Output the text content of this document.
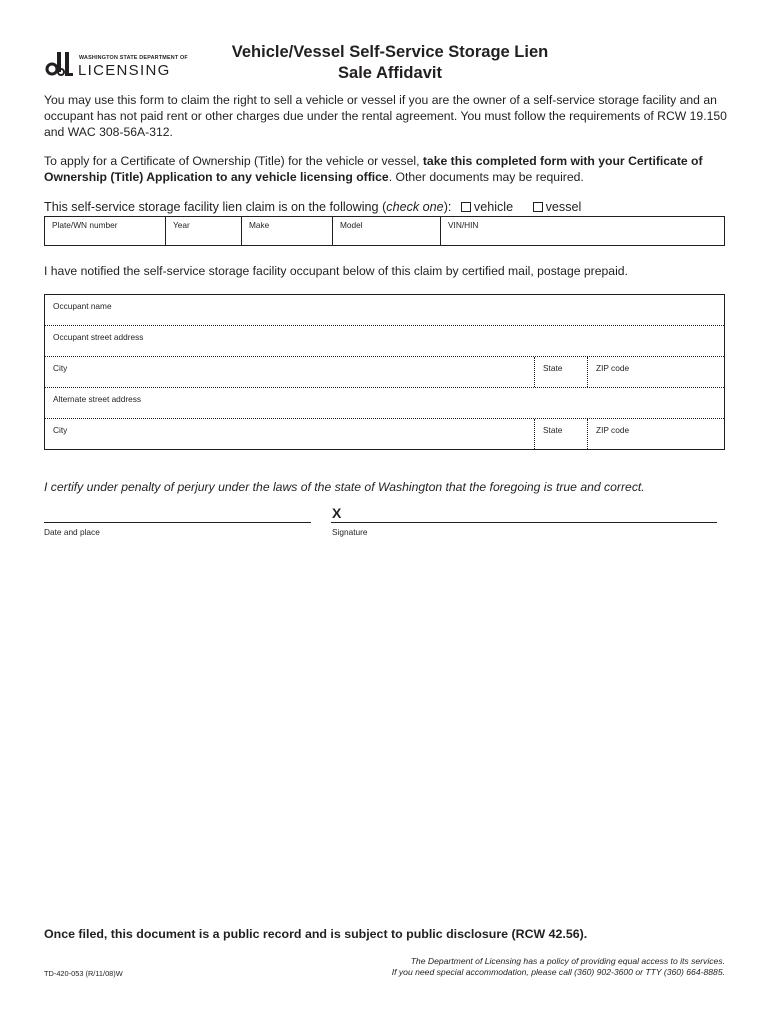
WASHINGTON STATE DEPARTMENT OF
LICENSING
Vehicle/Vessel Self-Service Storage Lien
Sale Affidavit
You may use this form to claim the right to sell a vehicle or vessel if you are the owner of a self-service storage facility and an occupant has not paid rent or other charges due under the rental agreement. You must follow the requirements of RCW 19.150 and WAC 308-56A-312.
To apply for a Certificate of Ownership (Title) for the vehicle or vessel, take this completed form with your Certificate of Ownership (Title) Application to any vehicle licensing office. Other documents may be required.
This self-service storage facility lien claim is on the following (check one): vehicle	vessel
Plate/WN number	Year	Make	Model	VIN/HIN
I have notified the self-service storage facility occupant below of this claim by certified mail, postage prepaid.
Occupant name
Occupant street address
City	State	ZIP code
Alternate street address
City	State	ZIP code
I certify under penalty of perjury under the laws of the state of Washington that the foregoing is true and correct.
X
Date and place	Signature
Once filed, this document is a public record and is subject to public disclosure (RCW 42.56).
TD-420-053 (R/11/08)W
The Department of Licensing has a policy of providing equal access to its services.
If you need special accommodation, please call (360) 902-3600 or TTY (360) 664-8885.
